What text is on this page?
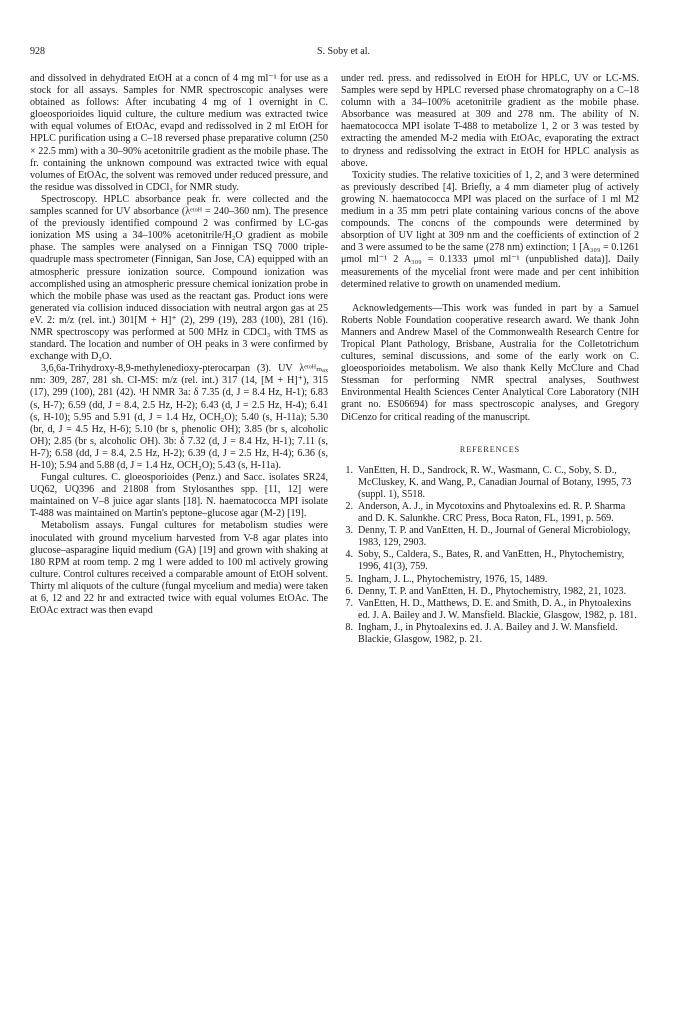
928	S. Soby et al.

and dissolved in dehydrated EtOH at a concn of 4 mg ml⁻¹ for use as a stock for all assays. Samples for NMR spectroscopic analyses were obtained as follows: After incubating 4 mg of 1 overnight in C. gloeosporioides liquid culture, the culture medium was extracted twice with equal volumes of EtOAc, evapd and redissolved in 2 ml EtOH for HPLC purification using a C–18 reversed phase preparative column (250 × 22.5 mm) with a 30–90% acetonitrile gradient as the mobile phase. The fr. containing the unknown compound was extracted twice with equal volumes of EtOAc, the solvent was removed under reduced pressure, and the residue was dissolved in CDCl₃ for NMR study.

Spectroscopy. HPLC absorbance peak fr. were collected and the samples scanned for UV absorbance (λᵉᵗᵒᴴ = 240–360 nm). The presence of the previously identified compound 2 was confirmed by LC-gas ionization MS using a 34–100% acetonitrile/H₂O gradient as mobile phase. The samples were analysed on a Finnigan TSQ 7000 triple-quadruple mass spectrometer (Finnigan, San Jose, CA) equipped with an atmospheric pressure ionization source. Compound ionization was accomplished using an atmospheric pressure chemical ionization probe in which the mobile phase was used as the reactant gas. Product ions were generated via collision induced dissociation with neutral argon gas at 25 eV. 2: m/z (rel. int.) 301[M + H]⁺ (2), 299 (19), 283 (100), 281 (16). NMR spectroscopy was performed at 500 MHz in CDCl₃ with TMS as standard. The location and number of OH peaks in 3 were confirmed by exchange with D₂O.

3,6,6a-Trihydroxy-8,9-methylenedioxy-pterocarpan (3). UV λᵉᵗᵒᴴₘₐₓ nm: 309, 287, 281 sh. CI-MS: m/z (rel. int.) 317 (14, [M + H]⁺), 315 (17), 299 (100), 281 (42). ¹H NMR 3a: δ 7.35 (d, J = 8.4 Hz, H-1); 6.83 (s, H-7); 6.59 (dd, J = 8.4, 2.5 Hz, H-2); 6.43 (d, J = 2.5 Hz, H-4); 6.41 (s, H-10); 5.95 and 5.91 (d, J = 1.4 Hz, OCH₂O); 5.40 (s, H-11a); 5.30 (br, d, J = 4.5 Hz, H-6); 5.10 (br s, phenolic OH); 3.85 (br s, alcoholic OH); 2.85 (br s, alcoholic OH). 3b: δ 7.32 (d, J = 8.4 Hz, H-1); 7.11 (s, H-7); 6.58 (dd, J = 8.4, 2.5 Hz, H-2); 6.39 (d, J = 2.5 Hz, H-4); 6.36 (s, H-10); 5.94 and 5.88 (d, J = 1.4 Hz, OCH₂O); 5.43 (s, H-11a).

Fungal cultures. C. gloeosporioides (Penz.) and Sacc. isolates SR24, UQ62, UQ396 and 21808 from Stylosanthes spp. [11, 12] were maintained on V–8 juice agar slants [18]. N. haematococca MPI isolate T-488 was maintained on Martin's peptone–glucose agar (M-2) [19].

Metabolism assays. Fungal cultures for metabolism studies were inoculated with ground mycelium harvested from V-8 agar plates into glucose–asparagine liquid medium (GA) [19] and grown with shaking at 180 RPM at room temp. 2 mg 1 were added to 100 ml actively growing culture. Control cultures received a comparable amount of EtOH solvent. Thirty ml aliquots of the culture (fungal mycelium and media) were taken at 6, 12 and 22 hr and extracted twice with equal volumes EtOAc. The EtOAc extract was then evapd

under red. press. and redissolved in EtOH for HPLC, UV or LC-MS. Samples were sepd by HPLC reversed phase chromatography on a C–18 column with a 34–100% acetonitrile gradient as the mobile phase. Absorbance was measured at 309 and 278 nm. The ability of N. haematococca MPI isolate T-488 to metabolize 1, 2 or 3 was tested by extracting the amended M-2 media with EtOAc, evaporating the extract to dryness and redissolving the extract in EtOH for HPLC analysis as above.

Toxicity studies. The relative toxicities of 1, 2, and 3 were determined as previously described [4]. Briefly, a 4 mm diameter plug of actively growing N. haematococca MPI was placed on the surface of 1 ml M2 medium in a 35 mm petri plate containing various concns of the above compounds. The concns of the compounds were determined by absorption of UV light at 309 nm and the coefficients of extinction of 2 and 3 were assumed to be the same (278 nm) extinction; 1 [A₃₀₉ = 0.1261 μmol ml⁻¹ 2 A₃₀₉ = 0.1333 μmol ml⁻¹ (unpublished data)]. Daily measurements of the mycelial front were made and per cent inhibition determined relative to growth on unamended medium.

Acknowledgements—This work was funded in part by a Samuel Roberts Noble Foundation cooperative research award. We thank John Manners and Andrew Masel of the Commonwealth Research Centre for Tropical Plant Pathology, Brisbane, Australia for the Colletotrichum cultures, seminal discussions, and some of the early work on C. gloeosporioides metabolism. We also thank Kelly McClure and Chad Stessman for performing NMR spectral analyses, Southwest Environmental Health Sciences Center Analytical Core Laboratory (NIH grant no. ES06694) for mass spectroscopic analyses, and Gregory DiCenzo for critical reading of the manuscript.

REFERENCES
1. VanEtten, H. D., Sandrock, R. W., Wasmann, C. C., Soby, S. D., McCluskey, K. and Wang, P., Canadian Journal of Botany, 1995, 73 (suppl. 1), S518.
2. Anderson, A. J., in Mycotoxins and Phytoalexins ed. R. P. Sharma and D. K. Salunkhe. CRC Press, Boca Raton, FL, 1991, p. 569.
3. Denny, T. P. and VanEtten, H. D., Journal of General Microbiology, 1983, 129, 2903.
4. Soby, S., Caldera, S., Bates, R. and VanEtten, H., Phytochemistry, 1996, 41(3), 759.
5. Ingham, J. L., Phytochemistry, 1976, 15, 1489.
6. Denny, T. P. and VanEtten, H. D., Phytochemistry, 1982, 21, 1023.
7. VanEtten, H. D., Matthews, D. E. and Smith, D. A., in Phytoalexins ed. J. A. Bailey and J. W. Mansfield. Blackie, Glasgow, 1982, p. 181.
8. Ingham, J., in Phytoalexins ed. J. A. Bailey and J. W. Mansfield. Blackie, Glasgow, 1982, p. 21.
